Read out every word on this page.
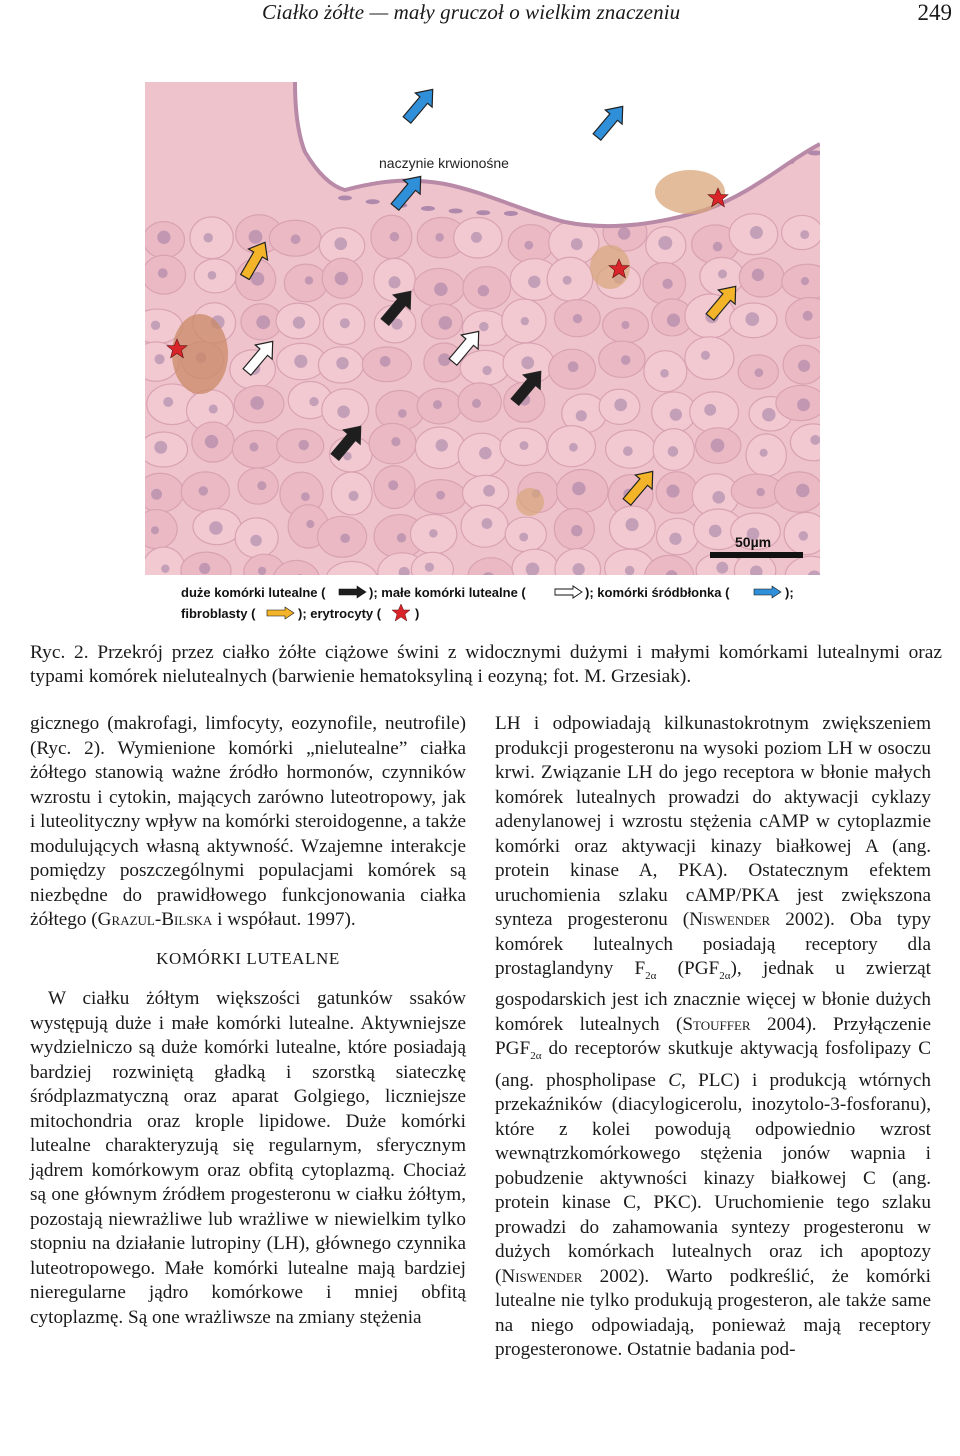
Ciałko żółte — mały gruczoł o wielkim znaczeniu	249
naczynie krwionośne
50µm
duże komórki lutealne (	); małe komórki lutealne (	); komórki śródbłonka (	);
fibroblasty (	); erytrocyty (	)
Ryc. 2. Przekrój przez ciałko żółte ciążowe świni z widocznymi dużymi i małymi komórkami lutealnymi oraz typami komórek nielutealnych (barwienie hematoksyliną i eozyną; fot. M. Grzesiak).

gicznego (makrofagi, limfocyty, eozynofile, neutrofile) (Ryc. 2). Wymienione komórki „nielutealne” ciałka żółtego stanowią ważne źródło hormonów, czynników wzrostu i cytokin, mających zarówno luteotropowy, jak i luteolityczny wpływ na komórki steroidogenne, a także modulujących własną aktywność. Wzajemne interakcje pomiędzy poszczególnymi populacjami komórek są niezbędne do prawidłowego funkcjonowania ciałka żółtego (Grazul-Bilska i współaut. 1997).

KOMÓRKI LUTEALNE

W ciałku żółtym większości gatunków ssaków występują duże i małe komórki lutealne. Aktywniejsze wydzielniczo są duże komórki lutealne, które posiadają bardziej rozwiniętą gładką i szorstką siateczkę śródplazmatyczną oraz aparat Golgiego, liczniejsze mitochondria oraz krople lipidowe. Duże komórki lutealne charakteryzują się regularnym, sferycznym jądrem komórkowym oraz obfitą cytoplazmą. Chociaż są one głównym źródłem progesteronu w ciałku żółtym, pozostają niewrażliwe lub wrażliwe w niewielkim tylko stopniu na działanie lutropiny (LH), głównego czynnika luteotropowego. Małe komórki lutealne mają bardziej nieregularne jądro komórkowe i mniej obfitą cytoplazmę. Są one wrażliwsze na zmiany stężenia

LH i odpowiadają kilkunastokrotnym zwiększeniem produkcji progesteronu na wysoki poziom LH w osoczu krwi. Związanie LH do jego receptora w błonie małych komórek lutealnych prowadzi do aktywacji cyklazy adenylanowej i wzrostu stężenia cAMP w cytoplazmie komórki oraz aktywacji kinazy białkowej A (ang. protein kinase A, PKA). Ostatecznym efektem uruchomienia szlaku cAMP/PKA jest zwiększona synteza progesteronu (Niswender 2002). Oba typy komórek lutealnych posiadają receptory dla prostaglandyny $F_{2\alpha}$ $(PGF_{2\alpha})$, jednak u zwierząt gospodarskich jest ich znacznie więcej w błonie dużych komórek lutealnych (Stouffer 2004). Przyłączenie $PGF_{2\alpha}$ do receptorów skutkuje aktywacją fosfolipazy C (ang. phospholipase C, PLC) i produkcją wtórnych przekaźników (diacylogicerolu, inozytolo-3-fosforanu), które z kolei powodują odpowiednio wzrost wewnątrzkomórkowego stężenia jonów wapnia i pobudzenie aktywności kinazy białkowej C (ang. protein kinase C, PKC). Uruchomienie tego szlaku prowadzi do zahamowania syntezy progesteronu w dużych komórkach lutealnych oraz ich apoptozy (Niswender 2002). Warto podkreślić, że komórki lutealne nie tylko produkują progesteron, ale także same na niego odpowiadają, ponieważ mają receptory progesteronowe. Ostatnie badania pod-
